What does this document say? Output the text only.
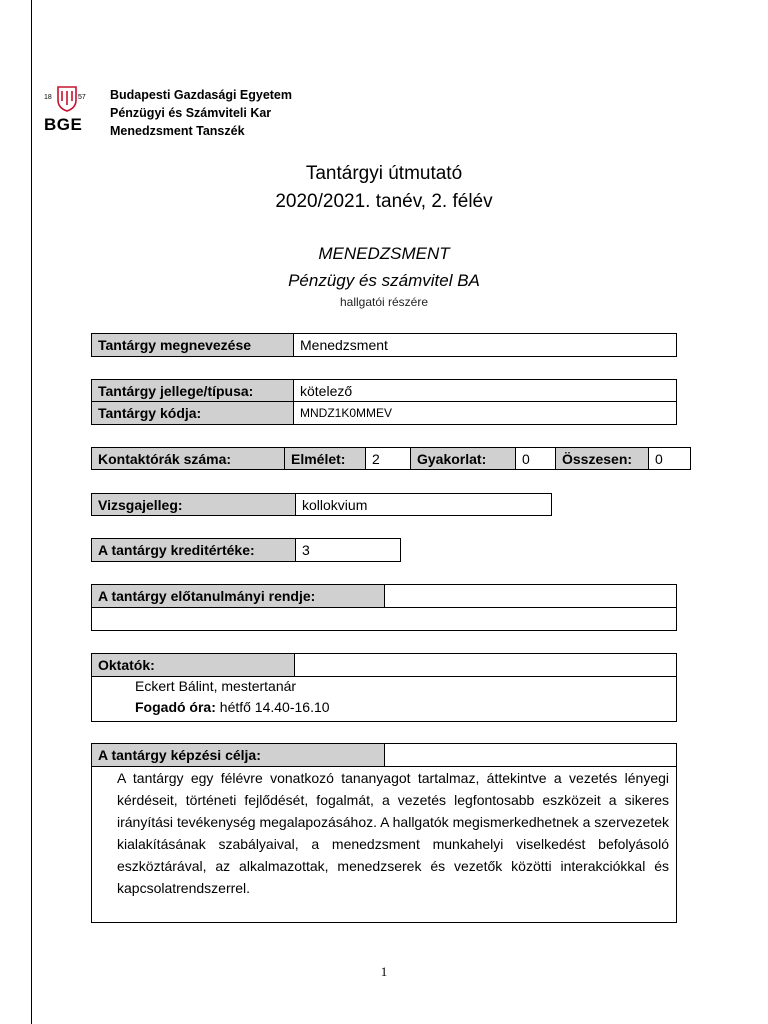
18	57
BGE
Budapesti Gazdasági Egyetem
Pénzügyi és Számviteli Kar
Menedzsment Tanszék
Tantárgyi útmutató
2020/2021. tanév, 2. félév
MENEDZSMENT
Pénzügy és számvitel BA
hallgatói részére
Tantárgy megnevezése	Menedzsment
Tantárgy jellege/típusa:	kötelező
Tantárgy kódja:	MNDZ1K0MMEV
Kontaktórák száma:	Elmélet:	2	Gyakorlat:	0	Összesen:	0
Vizsgajelleg:	kollokvium
A tantárgy kreditértéke:	3
A tantárgy előtanulmányi rendje:
Oktatók:
Eckert Bálint, mestertanár
Fogadó óra: hétfő 14.40-16.10
A tantárgy képzési célja:
A tantárgy egy félévre vonatkozó tananyagot tartalmaz, áttekintve a vezetés lényegi kérdéseit, történeti fejlődését, fogalmát, a vezetés legfontosabb eszközeit a sikeres irányítási tevékenység megalapozásához. A hallgatók megismerkedhetnek a szervezetek kialakításának szabályaival, a menedzsment munkahelyi viselkedést befolyásoló eszköztárával, az alkalmazottak, menedzserek és vezetők közötti interakciókkal és kapcsolatrendszerrel.
1
